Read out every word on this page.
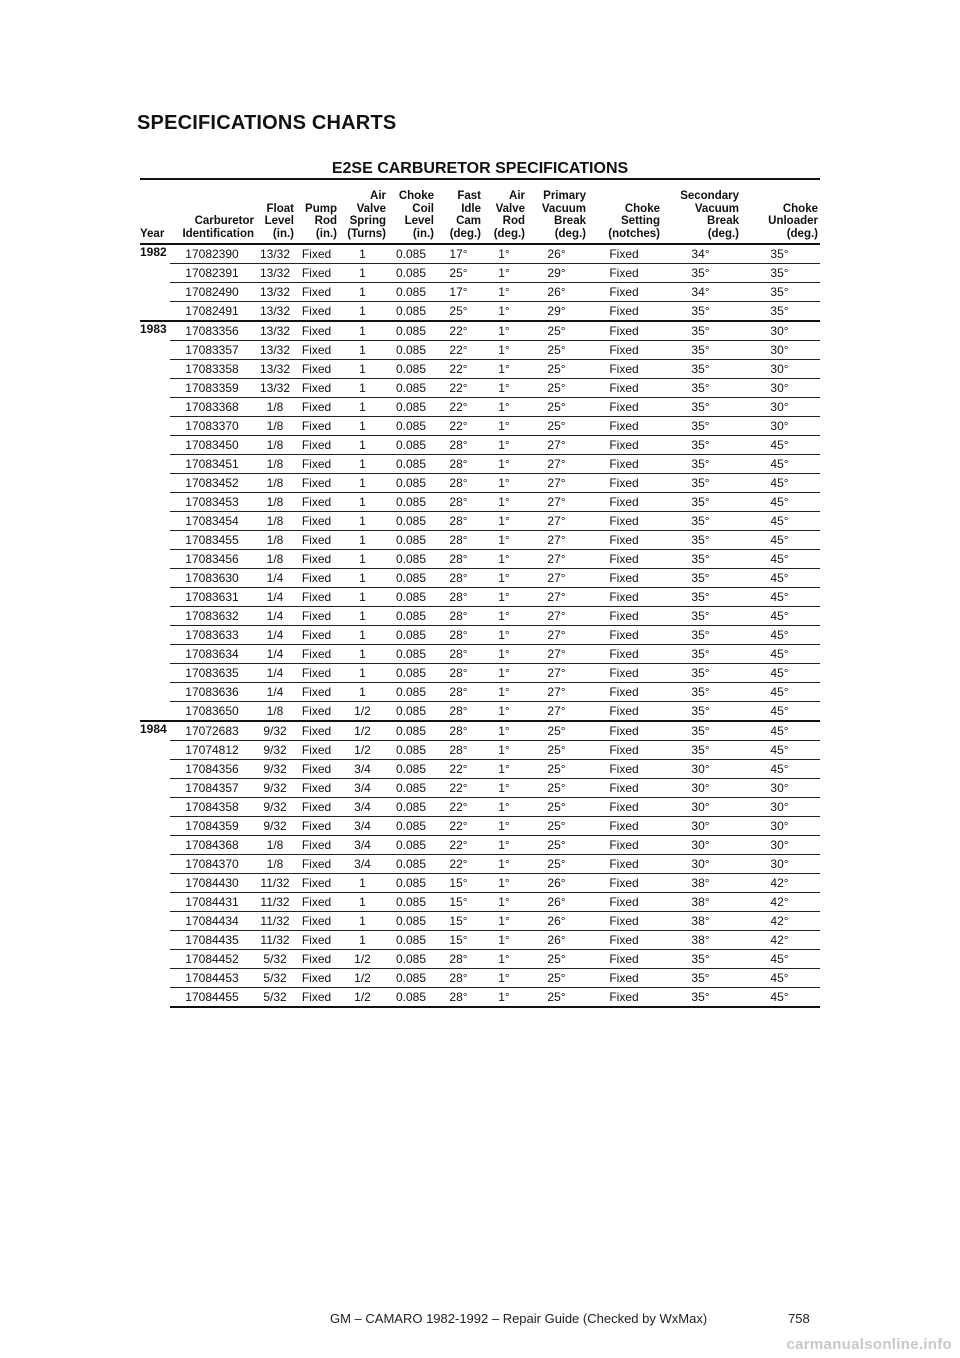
SPECIFICATIONS CHARTS
E2SE CARBURETOR SPECIFICATIONS
Year	Carburetor
Identification	Float
Level
(in.)	Pump
Rod
(in.)	Air
Valve
Spring
(Turns)	Choke
Coil
Level
(in.)	Fast
Idle
Cam
(deg.)	Air
Valve
Rod
(deg.)	Primary
Vacuum
Break
(deg.)	Choke
Setting
(notches)	Secondary
Vacuum
Break
(deg.)	Choke
Unloader
(deg.)
1982	17082390	13/32	Fixed	1	0.085	17°	1°	26°	Fixed	34°	35°
	17082391	13/32	Fixed	1	0.085	25°	1°	29°	Fixed	35°	35°
	17082490	13/32	Fixed	1	0.085	17°	1°	26°	Fixed	34°	35°
	17082491	13/32	Fixed	1	0.085	25°	1°	29°	Fixed	35°	35°
1983	17083356	13/32	Fixed	1	0.085	22°	1°	25°	Fixed	35°	30°
	17083357	13/32	Fixed	1	0.085	22°	1°	25°	Fixed	35°	30°
	17083358	13/32	Fixed	1	0.085	22°	1°	25°	Fixed	35°	30°
	17083359	13/32	Fixed	1	0.085	22°	1°	25°	Fixed	35°	30°
	17083368	1/8	Fixed	1	0.085	22°	1°	25°	Fixed	35°	30°
	17083370	1/8	Fixed	1	0.085	22°	1°	25°	Fixed	35°	30°
	17083450	1/8	Fixed	1	0.085	28°	1°	27°	Fixed	35°	45°
	17083451	1/8	Fixed	1	0.085	28°	1°	27°	Fixed	35°	45°
	17083452	1/8	Fixed	1	0.085	28°	1°	27°	Fixed	35°	45°
	17083453	1/8	Fixed	1	0.085	28°	1°	27°	Fixed	35°	45°
	17083454	1/8	Fixed	1	0.085	28°	1°	27°	Fixed	35°	45°
	17083455	1/8	Fixed	1	0.085	28°	1°	27°	Fixed	35°	45°
	17083456	1/8	Fixed	1	0.085	28°	1°	27°	Fixed	35°	45°
	17083630	1/4	Fixed	1	0.085	28°	1°	27°	Fixed	35°	45°
	17083631	1/4	Fixed	1	0.085	28°	1°	27°	Fixed	35°	45°
	17083632	1/4	Fixed	1	0.085	28°	1°	27°	Fixed	35°	45°
	17083633	1/4	Fixed	1	0.085	28°	1°	27°	Fixed	35°	45°
	17083634	1/4	Fixed	1	0.085	28°	1°	27°	Fixed	35°	45°
	17083635	1/4	Fixed	1	0.085	28°	1°	27°	Fixed	35°	45°
	17083636	1/4	Fixed	1	0.085	28°	1°	27°	Fixed	35°	45°
	17083650	1/8	Fixed	1/2	0.085	28°	1°	27°	Fixed	35°	45°
1984	17072683	9/32	Fixed	1/2	0.085	28°	1°	25°	Fixed	35°	45°
	17074812	9/32	Fixed	1/2	0.085	28°	1°	25°	Fixed	35°	45°
	17084356	9/32	Fixed	3/4	0.085	22°	1°	25°	Fixed	30°	45°
	17084357	9/32	Fixed	3/4	0.085	22°	1°	25°	Fixed	30°	30°
	17084358	9/32	Fixed	3/4	0.085	22°	1°	25°	Fixed	30°	30°
	17084359	9/32	Fixed	3/4	0.085	22°	1°	25°	Fixed	30°	30°
	17084368	1/8	Fixed	3/4	0.085	22°	1°	25°	Fixed	30°	30°
	17084370	1/8	Fixed	3/4	0.085	22°	1°	25°	Fixed	30°	30°
	17084430	11/32	Fixed	1	0.085	15°	1°	26°	Fixed	38°	42°
	17084431	11/32	Fixed	1	0.085	15°	1°	26°	Fixed	38°	42°
	17084434	11/32	Fixed	1	0.085	15°	1°	26°	Fixed	38°	42°
	17084435	11/32	Fixed	1	0.085	15°	1°	26°	Fixed	38°	42°
	17084452	5/32	Fixed	1/2	0.085	28°	1°	25°	Fixed	35°	45°
	17084453	5/32	Fixed	1/2	0.085	28°	1°	25°	Fixed	35°	45°
	17084455	5/32	Fixed	1/2	0.085	28°	1°	25°	Fixed	35°	45°
GM – CAMARO 1982-1992 – Repair Guide (Checked by WxMax)	758
carmanualsonline.info
